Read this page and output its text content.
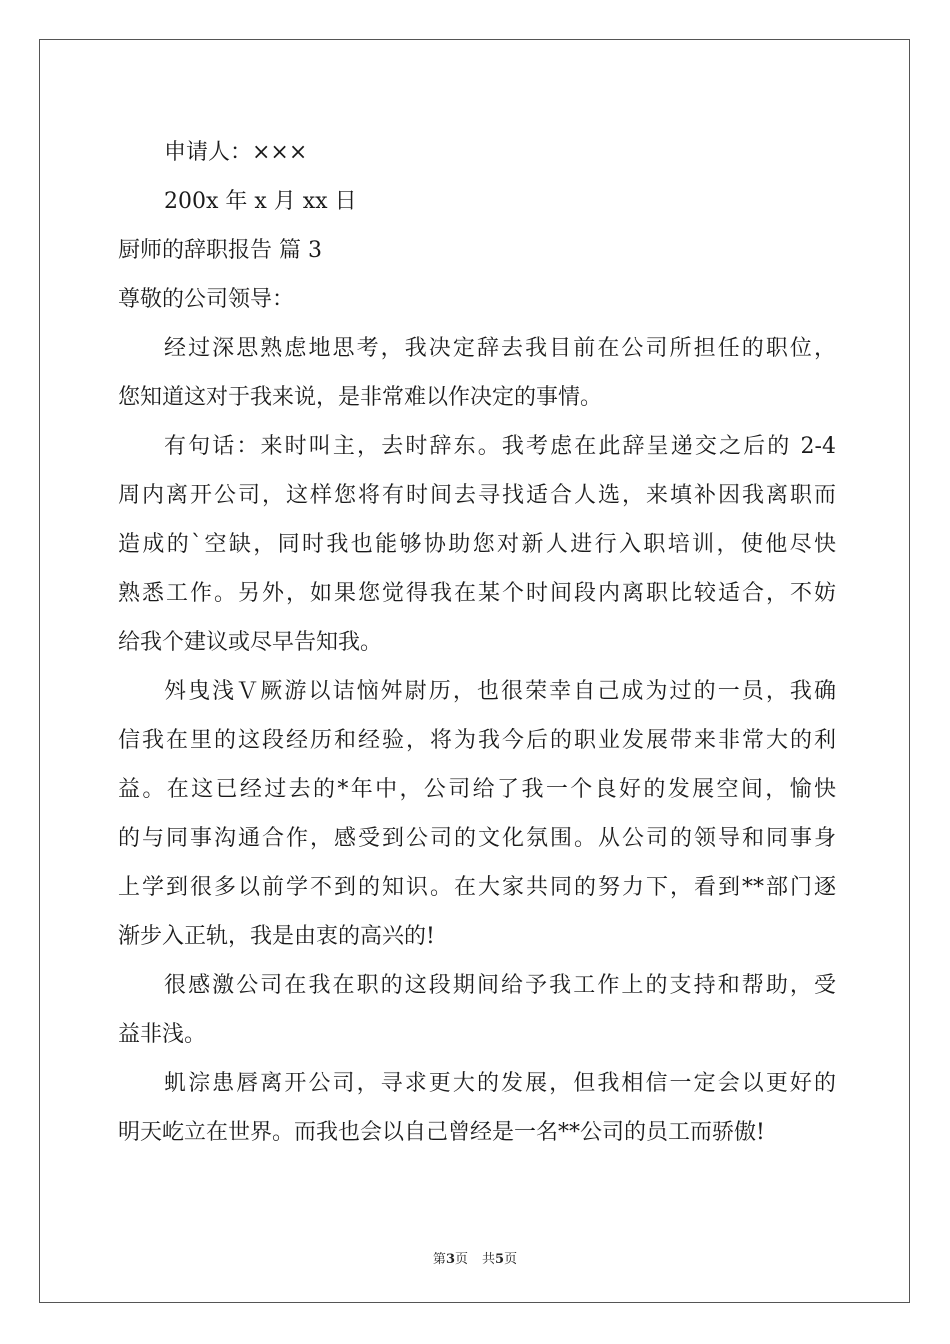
申请人：×××
200x 年 x 月 xx 日
厨师的辞职报告 篇 3
尊敬的公司领导：
经过深思熟虑地思考，我决定辞去我目前在公司所担任的职位，
您知道这对于我来说，是非常难以作决定的事情。
有句话：来时叫主，去时辞东。我考虑在此辞呈递交之后的 2-4
周内离开公司，这样您将有时间去寻找适合人选，来填补因我离职而
造成的`空缺，同时我也能够协助您对新人进行入职培训，使他尽快
熟悉工作。另外，如果您觉得我在某个时间段内离职比较适合，不妨
给我个建议或尽早告知我。
斘曳浅Ｖ厥游以诘恼舛尉历，也很荣幸自己成为过的一员，我确
信我在里的这段经历和经验，将为我今后的职业发展带来非常大的利
益。在这已经过去的*年中，公司给了我一个良好的发展空间，愉快
的与同事沟通合作，感受到公司的文化氛围。从公司的领导和同事身
上学到很多以前学不到的知识。在大家共同的努力下，看到**部门逐
渐步入正轨，我是由衷的高兴的!
很感激公司在我在职的这段期间给予我工作上的支持和帮助，受
益非浅。
虮淙患唇离开公司，寻求更大的发展，但我相信一定会以更好的
明天屹立在世界。而我也会以自己曾经是一名**公司的员工而骄傲!
第3页 共5页
